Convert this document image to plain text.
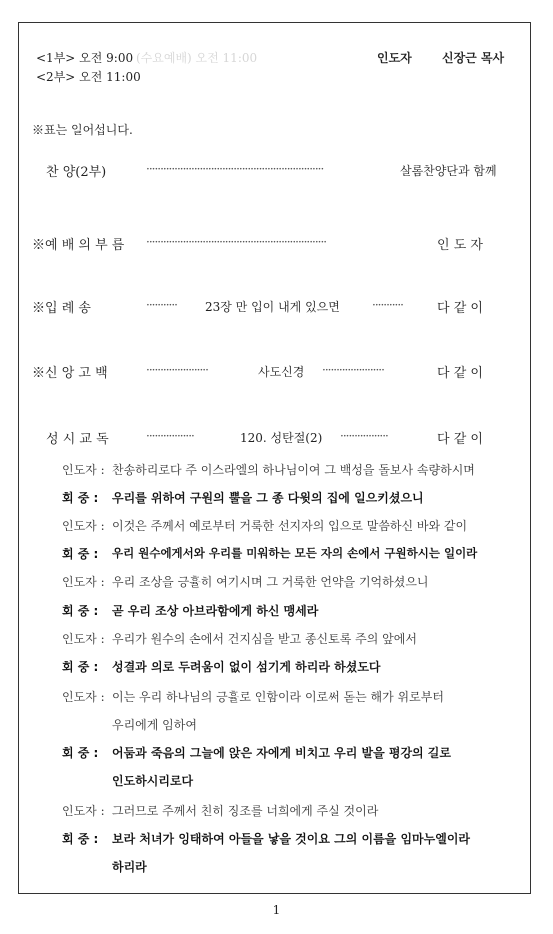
<1부> 오전 9:00 (수요예배) 오전 11:00
<2부> 오전 11:00
인도자	신장근 목사
※표는 일어섭니다.
찬 양(2부)	·······························································	살롬찬양단과 함께
※예 배 의 부 름 ································································	인 도 자
※입 례 송	···········	23장 만 입이 내게 있으면	···········	다 같 이
※신 앙 고 백	······················	사도신경 ······················	다 같 이
성 시 교 독	·················	120. 성탄절(2) ·················	다 같 이
인도자 : 찬송하리로다 주 이스라엘의 하나님이여 그 백성을 돌보사 속량하시며
회 중 : 우리를 위하여 구원의 뿔을 그 종 다윗의 집에 일으키셨으니
인도자 : 이것은 주께서 예로부터 거룩한 선지자의 입으로 말씀하신 바와 같이
회 중 : 우리 원수에게서와 우리를 미워하는 모든 자의 손에서 구원하시는 일이라
인도자 : 우리 조상을 긍휼히 여기시며 그 거룩한 언약을 기억하셨으니
회 중 : 곧 우리 조상 아브라함에게 하신 맹세라
인도자 : 우리가 원수의 손에서 건지심을 받고 종신토록 주의 앞에서
회 중 : 성결과 의로 두려움이 없이 섬기게 하리라 하셨도다
인도자 : 이는 우리 하나님의 긍휼로 인함이라 이로써 돋는 해가 위로부터
우리에게 임하여
회 중 : 어둠과 죽음의 그늘에 앉은 자에게 비치고 우리 발을 평강의 길로
인도하시리로다
인도자 : 그러므로 주께서 친히 징조를 너희에게 주실 것이라
회 중 : 보라 처녀가 잉태하여 아들을 낳을 것이요 그의 이름을 임마누엘이라
하리라
1
